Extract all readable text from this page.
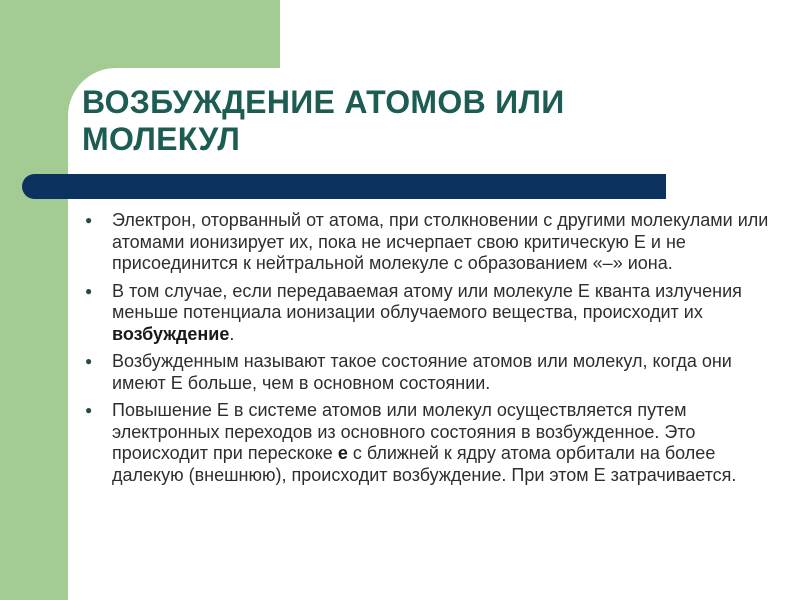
ВОЗБУЖДЕНИЕ АТОМОВ ИЛИ МОЛЕКУЛ
● Электрон, оторванный от атома, при столкновении с другими молекулами или атомами ионизирует их, пока не исчерпает свою критическую Е и не присоединится к нейтральной молекуле с образованием «–» иона.
● В том случае, если передаваемая атому или молекуле Е кванта излучения меньше потенциала ионизации облучаемого вещества, происходит их возбуждение.
● Возбужденным называют такое состояние атомов или молекул, когда они имеют Е больше, чем в основном состоянии.
● Повышение Е в системе атомов или молекул осуществляется путем электронных переходов из основного состояния в возбужденное. Это происходит при перескоке е с ближней к ядру атома орбитали на более далекую (внешнюю), происходит возбуждение. При этом Е затрачивается.
